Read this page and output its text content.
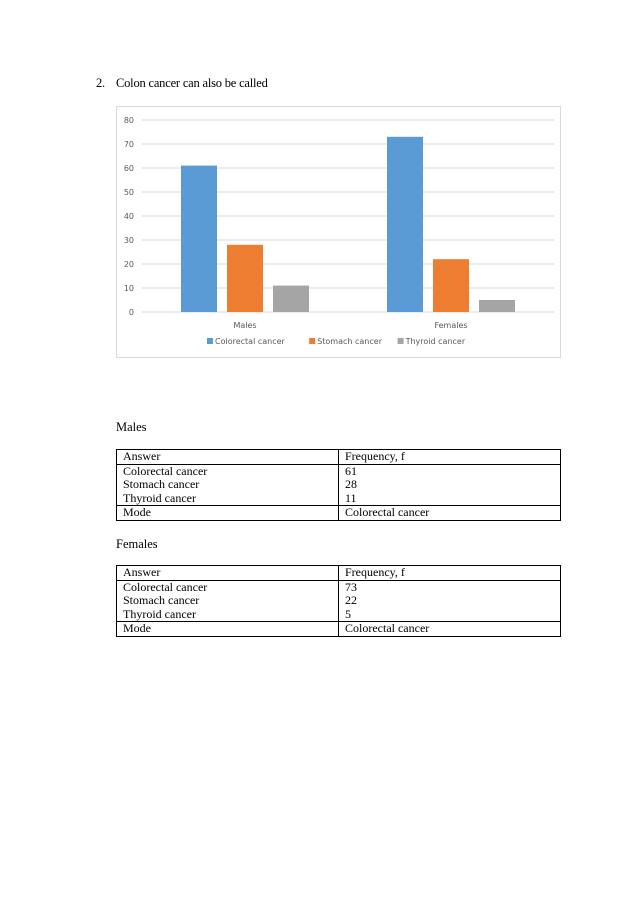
2. Colon cancer can also be called
0
10
20
30
40
50
60
70
80
Males	Females
Colorectal cancer	Stomach cancer	Thyroid cancer
Males
Answer	Frequency, f
Colorectal cancer	61
Stomach cancer	28
Thyroid cancer	11
Mode	Colorectal cancer
Females
Answer	Frequency, f
Colorectal cancer	73
Stomach cancer	22
Thyroid cancer	5
Mode	Colorectal cancer
